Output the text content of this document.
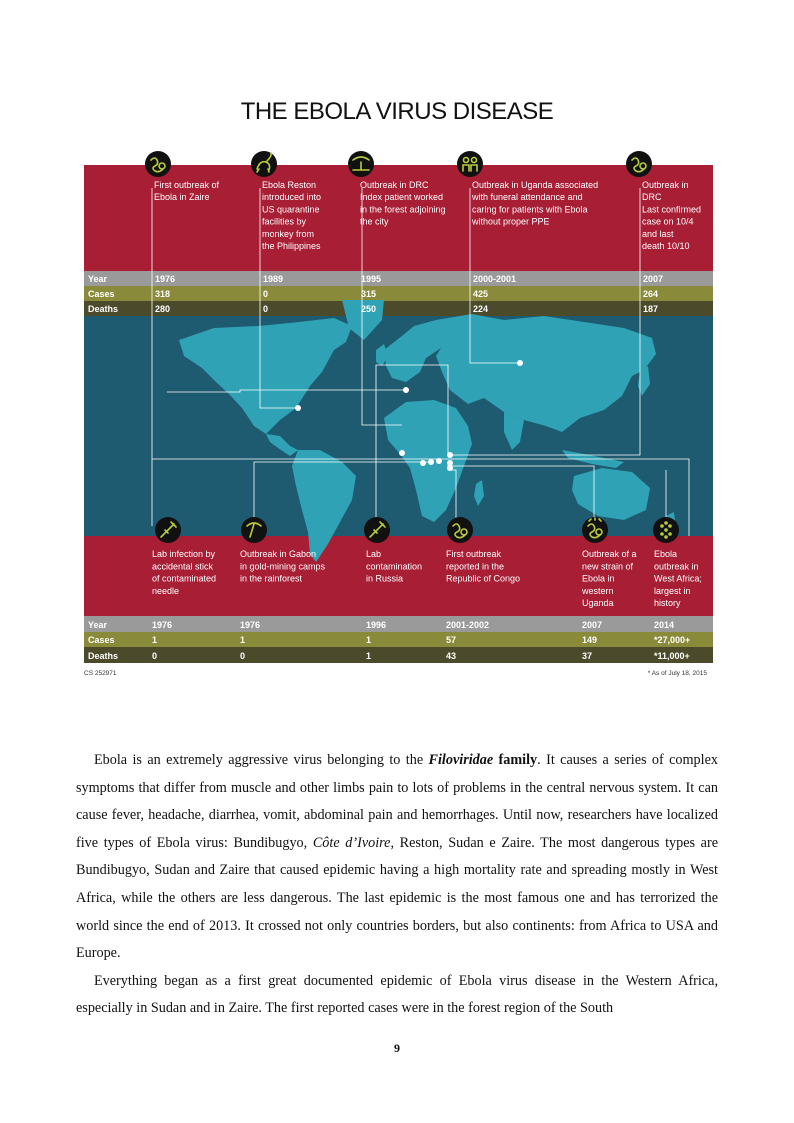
THE EBOLA VIRUS DISEASE
First outbreak of
Ebola in Zaire
1976
318
280
Ebola Reston
introduced into
US quarantine
facilities by
monkey from
the Philippines
1989
0
0
Outbreak in DRC
Index patient worked
in the forest adjoining
the city
1995
315
250
Outbreak in Uganda associated
with funeral attendance and
caring for patients with Ebola
without proper PPE
2000-2001
425
224
Outbreak in
DRC
Last confirmed
case on 10/4
and last
death 10/10
2007
264
187
Lab infection by
accidental stick
of contaminated
needle
1976
1
0
Outbreak in Gabon
in gold-mining camps
in the rainforest
1976
1
0
Lab
contamination
in Russia
1996
1
1
First outbreak
reported in the
Republic of Congo
2001-2002
57
43
Outbreak of a
new strain of
Ebola in
western
Uganda
2007
149
37
Ebola
outbreak in
West Africa;
largest in
history
2014
*27,000+
*11,000+
Year
Cases
Deaths
Year
Cases
Deaths
CS 252971	* As of July 18, 2015

Ebola is an extremely aggressive virus belonging to the Filoviridae family. It causes a series of complex symptoms that differ from muscle and other limbs pain to lots of problems in the central nervous system. It can cause fever, headache, diarrhea, vomit, abdominal pain and hemorrhages. Until now, researchers have localized five types of Ebola virus: Bundibugyo, Côte d’Ivoire, Reston, Sudan e Zaire. The most dangerous types are Bundibugyo, Sudan and Zaire that caused epidemic having a high mortality rate and spreading mostly in West Africa, while the others are less dangerous. The last epidemic is the most famous one and has terrorized the world since the end of 2013. It crossed not only countries borders, but also continents: from Africa to USA and Europe.

Everything began as a first great documented epidemic of Ebola virus disease in the Western Africa, especially in Sudan and in Zaire. The first reported cases were in the forest region of the South

9
